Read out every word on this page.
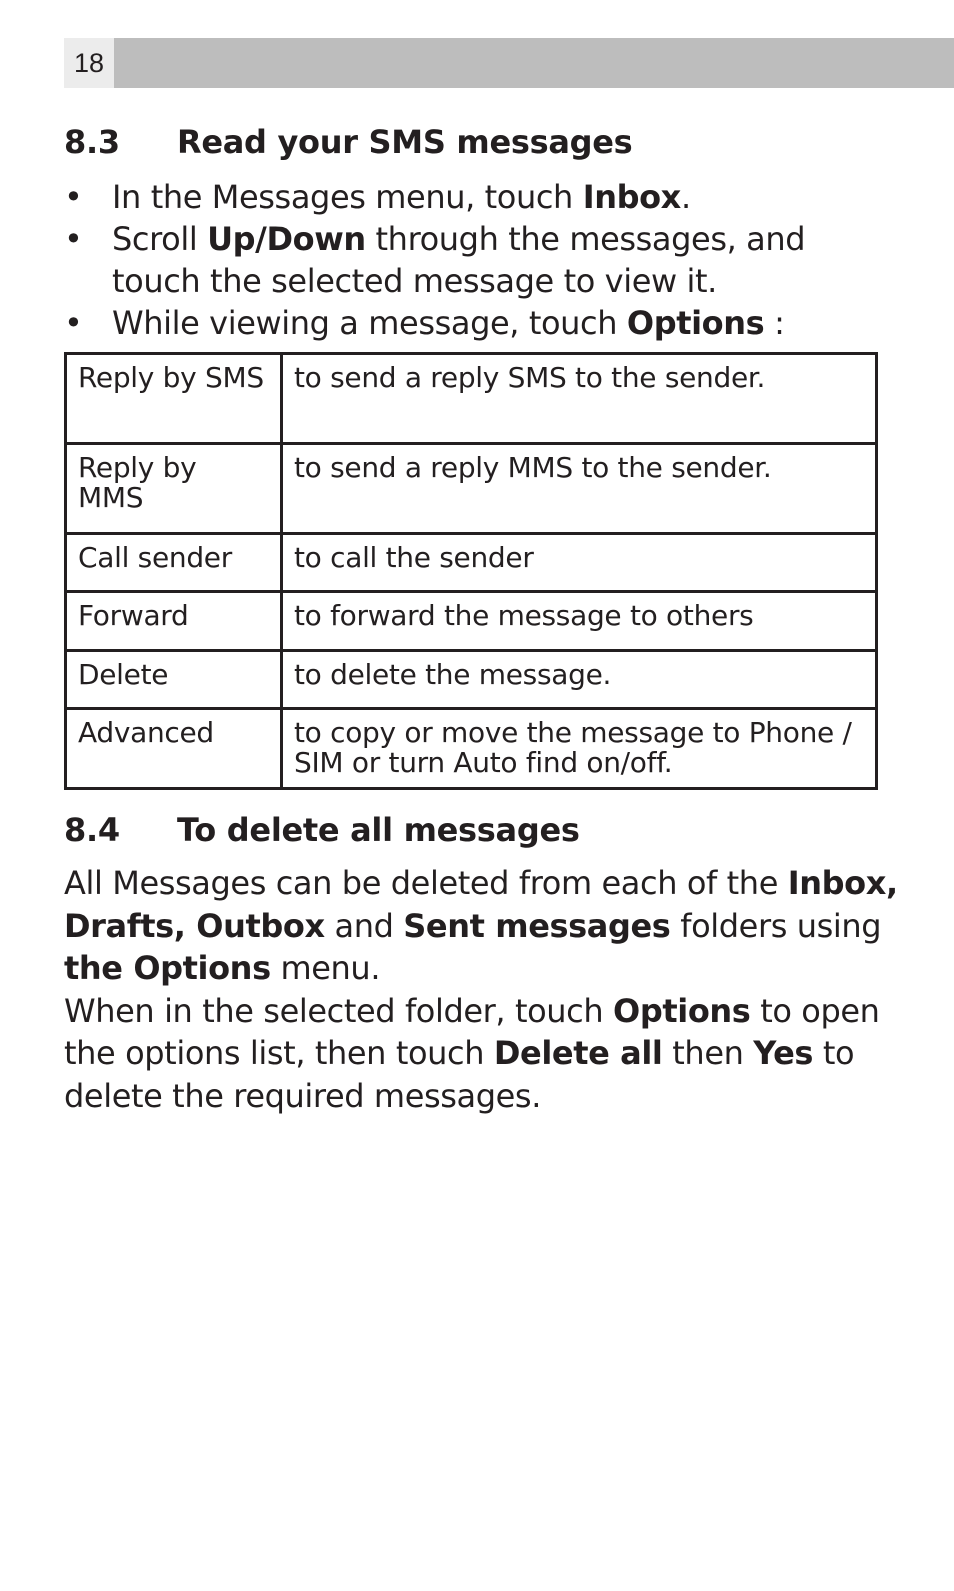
18
8.3	Read your SMS messages
• In the Messages menu, touch Inbox.
• Scroll Up/Down through the messages, and touch the selected message to view it.
• While viewing a message, touch Options :
Reply by SMS	to send a reply SMS to the sender.
Reply by MMS	to send a reply MMS to the sender.
Call sender	to call the sender
Forward	to forward the message to others
Delete	to delete the message.
Advanced	to copy or move the message to Phone / SIM or turn Auto find on/off.
8.4	To delete all messages

All Messages can be deleted from each of the Inbox, Drafts, Outbox and Sent messages folders using the Options menu.

When in the selected folder, touch Options to open the options list, then touch Delete all then Yes to delete the required messages.
